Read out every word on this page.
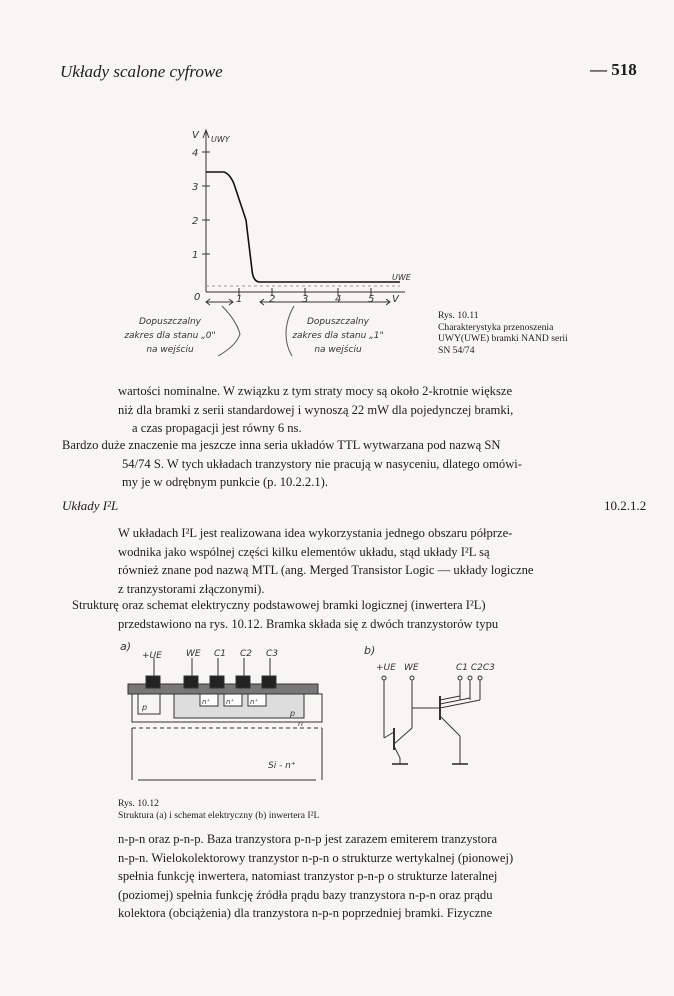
Układy scalone cyfrowe	— 518
V UWY
4
3
2
1
0	1	2	3	4	5 V
UWE
Dopuszczalny
zakres dla stanu „0"
na wejściu
Dopuszczalny
zakres dla stanu „1"
na wejściu
Rys. 10.11
Charakterystyka przenoszenia
UWY(UWE) bramki NAND serii
SN 54/74
wartości nominalne. W związku z tym straty mocy są około 2-krotnie większe
niż dla bramki z serii standardowej i wynoszą 22 mW dla pojedynczej bramki,
a czas propagacji jest równy 6 ns.
Bardzo duże znaczenie ma jeszcze inna seria układów TTL wytwarzana pod nazwą SN
54/74 S. W tych układach tranzystory nie pracują w nasyceniu, dlatego omówi-
my je w odrębnym punkcie (p. 10.2.2.1).
Układy I²L	10.2.1.2
W układach I²L jest realizowana idea wykorzystania jednego obszaru półprze-
wodnika jako wspólnej części kilku elementów układu, stąd układy I²L są
również znane pod nazwą MTL (ang. Merged Transistor Logic — układy logiczne
z tranzystorami złączonymi).
Strukturę oraz schemat elektryczny podstawowej bramki logicznej (inwertera I²L)
przedstawiono na rys. 10.12. Bramka składa się z dwóch tranzystorów typu
a)
+UE	WE C1 C2 C3
p
n⁺ n⁺ n⁺
p
n
Si - n⁺
b)
+UE WE	C1 C2C3
Rys. 10.12
Struktura (a) i schemat elektryczny (b) inwertera I²L
n-p-n oraz p-n-p. Baza tranzystora p-n-p jest zarazem emiterem tranzystora
n-p-n. Wielokolektorowy tranzystor n-p-n o strukturze wertykalnej (pionowej)
spełnia funkcję inwertera, natomiast tranzystor p-n-p o strukturze lateralnej
(poziomej) spełnia funkcję źródła prądu bazy tranzystora n-p-n oraz prądu
kolektora (obciążenia) dla tranzystora n-p-n poprzedniej bramki. Fizyczne
